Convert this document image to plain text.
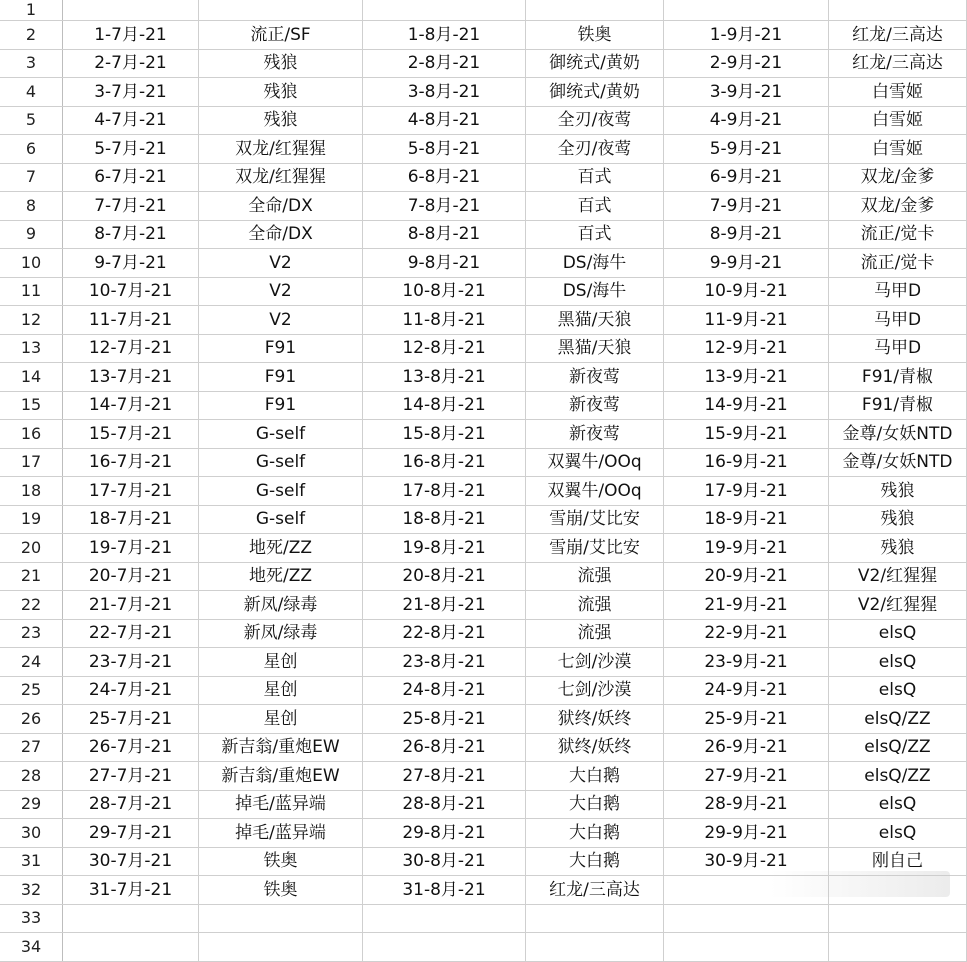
1						
2	1-7月-21	流正/SF	1-8月-21	铁奥	1-9月-21	红龙/三高达
3	2-7月-21	残狼	2-8月-21	御统式/黄奶	2-9月-21	红龙/三高达
4	3-7月-21	残狼	3-8月-21	御统式/黄奶	3-9月-21	白雪姬
5	4-7月-21	残狼	4-8月-21	全刃/夜莺	4-9月-21	白雪姬
6	5-7月-21	双龙/红猩猩	5-8月-21	全刃/夜莺	5-9月-21	白雪姬
7	6-7月-21	双龙/红猩猩	6-8月-21	百式	6-9月-21	双龙/金爹
8	7-7月-21	全命/DX	7-8月-21	百式	7-9月-21	双龙/金爹
9	8-7月-21	全命/DX	8-8月-21	百式	8-9月-21	流正/觉卡
10	9-7月-21	V2	9-8月-21	DS/海牛	9-9月-21	流正/觉卡
11	10-7月-21	V2	10-8月-21	DS/海牛	10-9月-21	马甲D
12	11-7月-21	V2	11-8月-21	黑猫/天狼	11-9月-21	马甲D
13	12-7月-21	F91	12-8月-21	黑猫/天狼	12-9月-21	马甲D
14	13-7月-21	F91	13-8月-21	新夜莺	13-9月-21	F91/青椒
15	14-7月-21	F91	14-8月-21	新夜莺	14-9月-21	F91/青椒
16	15-7月-21	G-self	15-8月-21	新夜莺	15-9月-21	金尊/女妖NTD
17	16-7月-21	G-self	16-8月-21	双翼牛/OOq	16-9月-21	金尊/女妖NTD
18	17-7月-21	G-self	17-8月-21	双翼牛/OOq	17-9月-21	残狼
19	18-7月-21	G-self	18-8月-21	雪崩/艾比安	18-9月-21	残狼
20	19-7月-21	地死/ZZ	19-8月-21	雪崩/艾比安	19-9月-21	残狼
21	20-7月-21	地死/ZZ	20-8月-21	流强	20-9月-21	V2/红猩猩
22	21-7月-21	新凤/绿毒	21-8月-21	流强	21-9月-21	V2/红猩猩
23	22-7月-21	新凤/绿毒	22-8月-21	流强	22-9月-21	elsQ
24	23-7月-21	星创	23-8月-21	七剑/沙漠	23-9月-21	elsQ
25	24-7月-21	星创	24-8月-21	七剑/沙漠	24-9月-21	elsQ
26	25-7月-21	星创	25-8月-21	狱终/妖终	25-9月-21	elsQ/ZZ
27	26-7月-21	新吉翁/重炮EW	26-8月-21	狱终/妖终	26-9月-21	elsQ/ZZ
28	27-7月-21	新吉翁/重炮EW	27-8月-21	大白鹅	27-9月-21	elsQ/ZZ
29	28-7月-21	掉毛/蓝异端	28-8月-21	大白鹅	28-9月-21	elsQ
30	29-7月-21	掉毛/蓝异端	29-8月-21	大白鹅	29-9月-21	elsQ
31	30-7月-21	铁奥	30-8月-21	大白鹅	30-9月-21	刚自己
32	31-7月-21	铁奥	31-8月-21	红龙/三高达		
33						
34						
